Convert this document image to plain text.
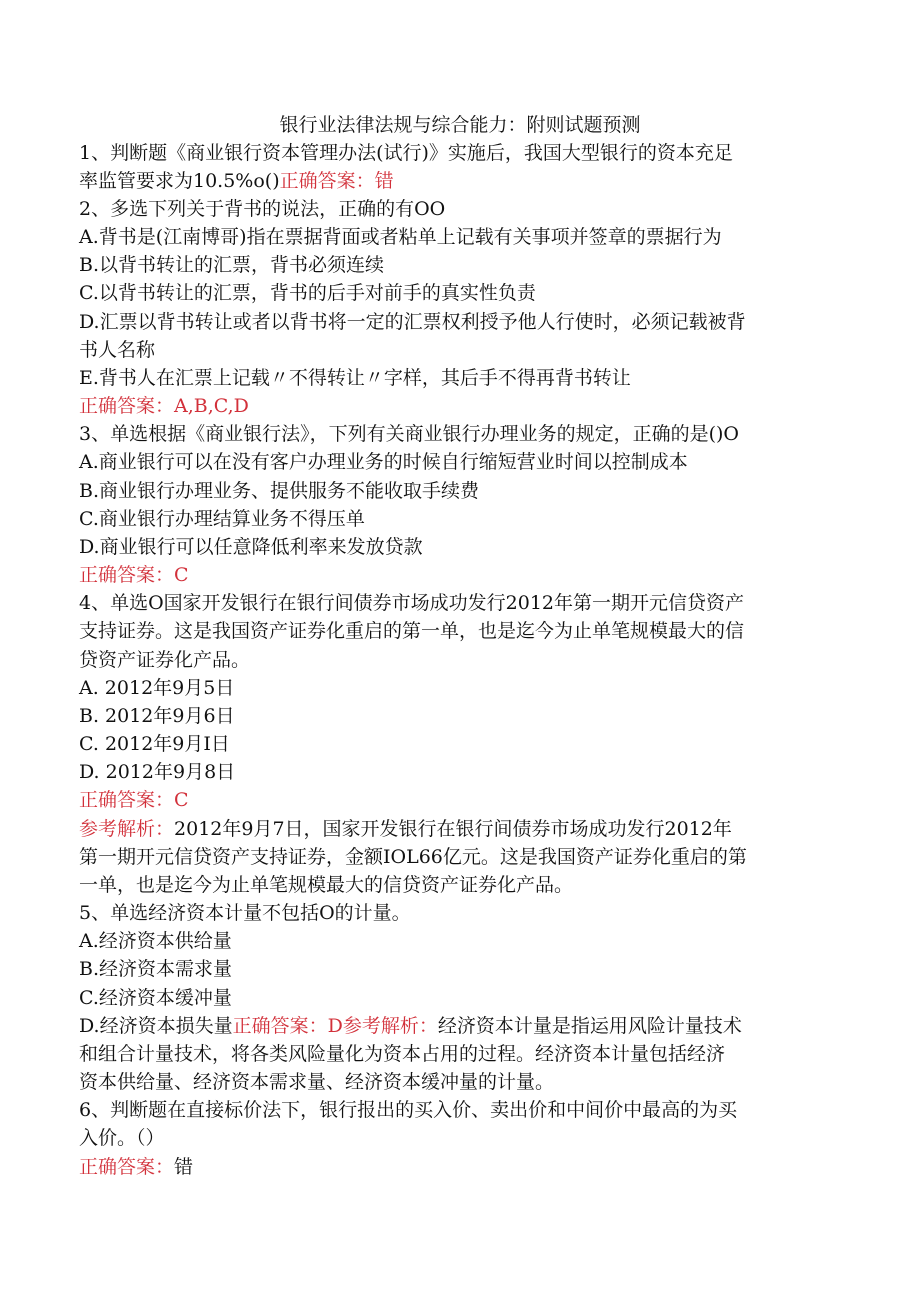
银行业法律法规与综合能力：附则试题预测
1、判断题《商业银行资本管理办法(试行)》实施后，我国大型银行的资本充足
率监管要求为10.5%o()正确答案：错
2、多选下列关于背书的说法，正确的有OO
A.背书是(江南博哥)指在票据背面或者粘单上记载有关事项并签章的票据行为
B.以背书转让的汇票，背书必须连续
C.以背书转让的汇票，背书的后手对前手的真实性负责
D.汇票以背书转让或者以背书将一定的汇票权利授予他人行使时，必须记载被背
书人名称
E.背书人在汇票上记载〃不得转让〃字样，其后手不得再背书转让
正确答案：A,B,C,D
3、单选根据《商业银行法》，下列有关商业银行办理业务的规定，正确的是()O
A.商业银行可以在没有客户办理业务的时候自行缩短营业时间以控制成本
B.商业银行办理业务、提供服务不能收取手续费
C.商业银行办理结算业务不得压单
D.商业银行可以任意降低利率来发放贷款
正确答案：C
4、单选O国家开发银行在银行间债券市场成功发行2012年第一期开元信贷资产
支持证券。这是我国资产证券化重启的第一单，也是迄今为止单笔规模最大的信
贷资产证券化产品。
A. 2012年9月5日
B. 2012年9月6日
C. 2012年9月I日
D. 2012年9月8日
正确答案：C
参考解析：2012年9月7日，国家开发银行在银行间债券市场成功发行2012年
第一期开元信贷资产支持证券，金额IOL66亿元。这是我国资产证券化重启的第
一单，也是迄今为止单笔规模最大的信贷资产证券化产品。
5、单选经济资本计量不包括O的计量。
A.经济资本供给量
B.经济资本需求量
C.经济资本缓冲量
D.经济资本损失量正确答案：D参考解析：经济资本计量是指运用风险计量技术
和组合计量技术，将各类风险量化为资本占用的过程。经济资本计量包括经济
资本供给量、经济资本需求量、经济资本缓冲量的计量。
6、判断题在直接标价法下，银行报出的买入价、卖出价和中间价中最高的为买
入价。（）
正确答案：错
